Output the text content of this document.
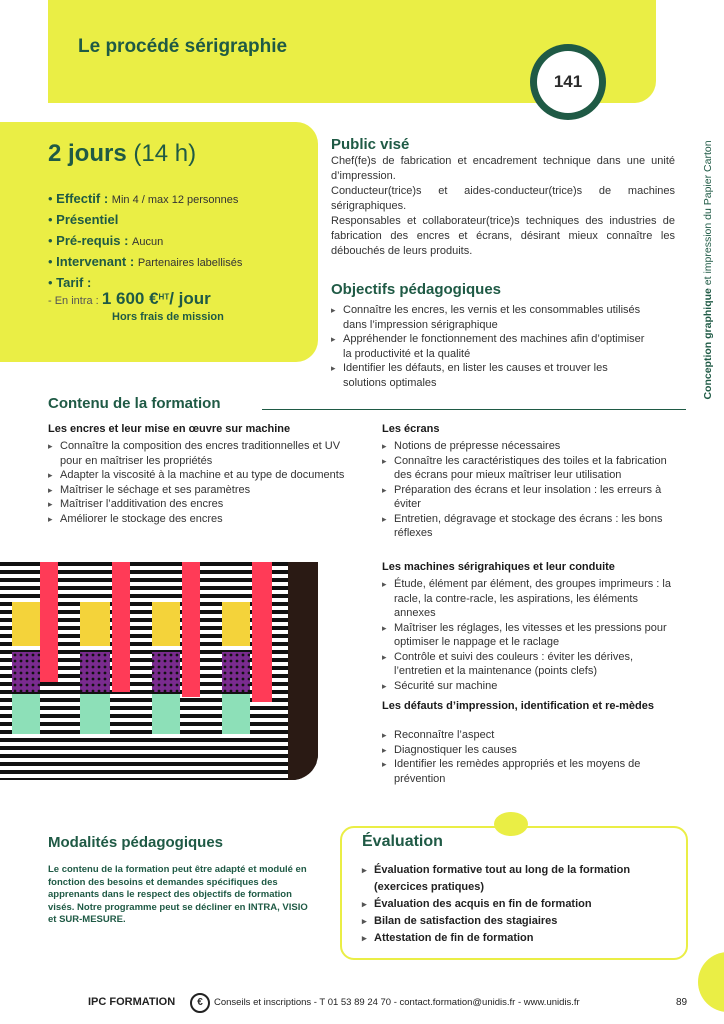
Le procédé sérigraphie
141
Conception graphique et impression du Papier Carton
2 jours (14 h)
• Effectif : Min 4 / max 12 personnes
• Présentiel
• Pré-requis : Aucun
• Intervenant : Partenaires labellisés
• Tarif :
- En intra : 1 600 €$^{HT}$/ jour
Hors frais de mission
Public visé
Chef(fe)s de fabrication et encadrement technique dans une unité d’impression.
Conducteur(trice)s et aides-conducteur(trice)s de machines sérigraphiques.
Responsables et collaborateur(trice)s techniques des industries de fabrication des encres et écrans, désirant mieux connaître les débouchés de leurs produits.
Objectifs pédagogiques
▸ Connaître les encres, les vernis et les consommables utilisés dans l’impression sérigraphique
▸ Appréhender le fonctionnement des machines afin d’optimiser la productivité et la qualité
▸ Identifier les défauts, en lister les causes et trouver les solutions optimales
Contenu de la formation
Les encres et leur mise en œuvre sur machine
▸ Connaître la composition des encres traditionnelles et UV pour en maîtriser les propriétés
▸ Adapter la viscosité à la machine et au type de documents
▸ Maîtriser le séchage et ses paramètres
▸ Maîtriser l’additivation des encres
▸ Améliorer le stockage des encres
Les écrans
▸ Notions de prépresse nécessaires
▸ Connaître les caractéristiques des toiles et la fabrication des écrans pour mieux maîtriser leur utilisation
▸ Préparation des écrans et leur insolation : les erreurs à éviter
▸ Entretien, dégravage et stockage des écrans : les bons réflexes
Les machines sérigrahiques et leur conduite
▸ Étude, élément par élément, des groupes imprimeurs : la racle, la contre-racle, les aspirations, les éléments annexes
▸ Maîtriser les réglages, les vitesses et les pressions pour optimiser le nappage et le raclage
▸ Contrôle et suivi des couleurs : éviter les dérives, l’entretien et la maintenance (points clefs)
▸ Sécurité sur machine
Les défauts d’impression, identification et re-mèdes
▸ Reconnaître l’aspect
▸ Diagnostiquer les causes
▸ Identifier les remèdes appropriés et les moyens de prévention
Modalités pédagogiques
Le contenu de la formation peut être adapté et modulé en fonction des besoins et demandes spécifiques des apprenants dans le respect des objectifs de formation visés. Notre programme peut se décliner en INTRA, VISIO et SUR-MESURE.
Évaluation
▸ Évaluation formative tout au long de la formation (exercices pratiques)
▸ Évaluation des acquis en fin de formation
▸ Bilan de satisfaction des stagiaires
▸ Attestation de fin de formation
IPC FORMATION	€	Conseils et inscriptions - T 01 53 89 24 70 - contact.formation@unidis.fr - www.unidis.fr	89
